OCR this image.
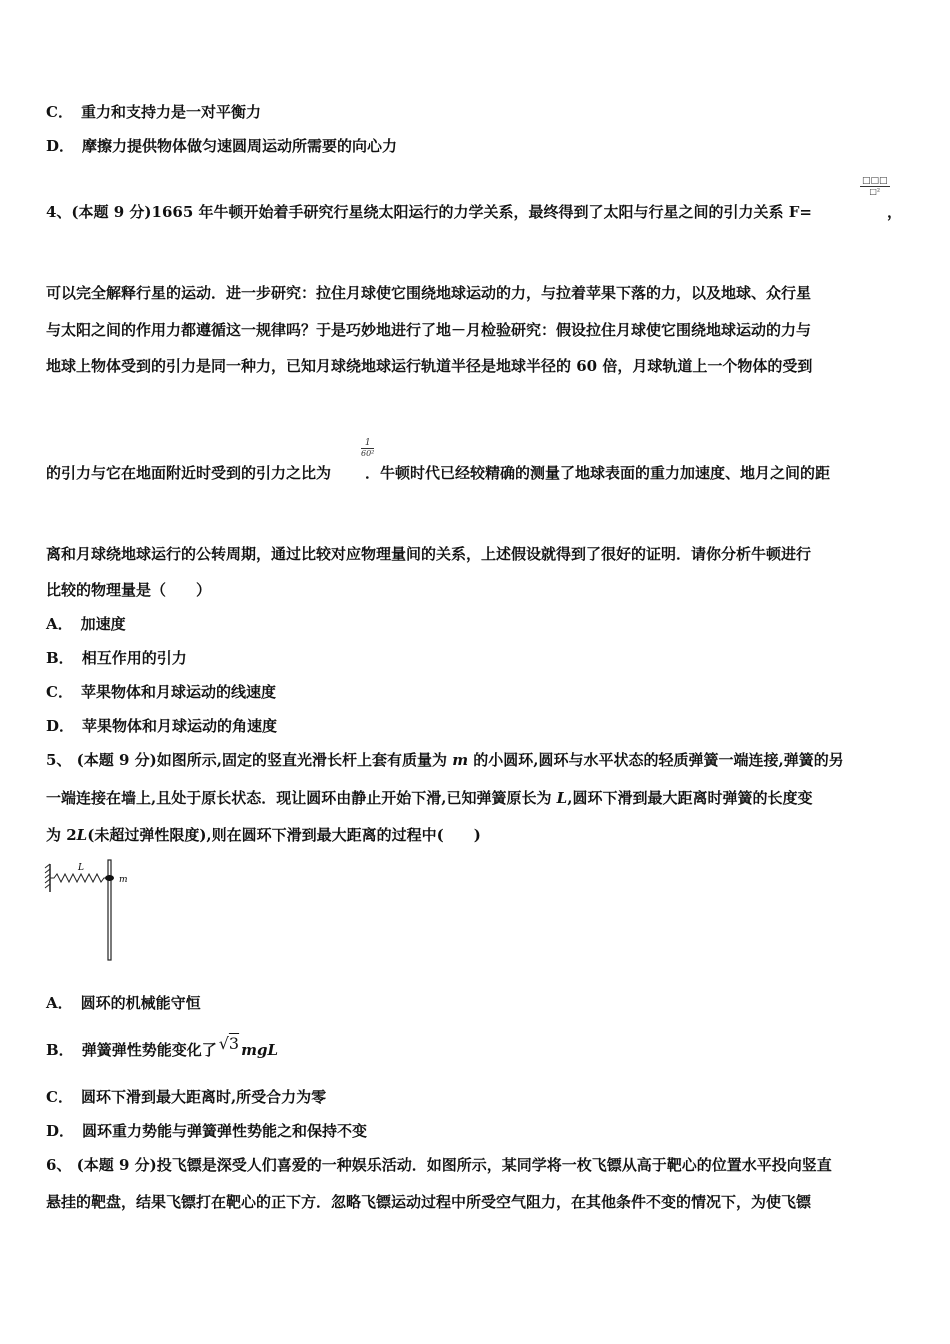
C． 重力和支持力是一对平衡力
D． 摩擦力提供物体做匀速圆周运动所需要的向心力
4、(本题 9 分)1665 年牛顿开始着手研究行星绕太阳运行的力学关系，最终得到了太阳与行星之间的引力关系 F=
□□□
□²
，
可以完全解释行星的运动．进一步研究：拉住月球使它围绕地球运动的力，与拉着苹果下落的力，以及地球、众行星
与太阳之间的作用力都遵循这一规律吗？于是巧妙地进行了地－月检验研究：假设拉住月球使它围绕地球运动的力与
地球上物体受到的引力是同一种力，已知月球绕地球运行轨道半径是地球半径的 60 倍，月球轨道上一个物体的受到
的引力与它在地面附近时受到的引力之比为 ．牛顿时代已经较精确的测量了地球表面的重力加速度、地月之间的距
$\frac{1}{\text{60²}}$
离和月球绕地球运行的公转周期，通过比较对应物理量间的关系，上述假设就得到了很好的证明．请你分析牛顿进行
比较的物理量是（　　）
A． 加速度
B． 相互作用的引力
C． 苹果物体和月球运动的线速度
D． 苹果物体和月球运动的角速度
5、 (本题 9 分)如图所示,固定的竖直光滑长杆上套有质量为 m 的小圆环,圆环与水平状态的轻质弹簧一端连接,弹簧的另
一端连接在墙上,且处于原长状态．现让圆环由静止开始下滑,已知弹簧原长为 L,圆环下滑到最大距离时弹簧的长度变
为 2L(未超过弹性限度),则在圆环下滑到最大距离的过程中(　　)
L
m
A． 圆环的机械能守恒
B． 弹簧弹性势能变化了 √3 mgL
C． 圆环下滑到最大距离时,所受合力为零
D． 圆环重力势能与弹簧弹性势能之和保持不变
6、 (本题 9 分)投飞镖是深受人们喜爱的一种娱乐活动．如图所示，某同学将一枚飞镖从高于靶心的位置水平投向竖直
悬挂的靶盘，结果飞镖打在靶心的正下方．忽略飞镖运动过程中所受空气阻力，在其他条件不变的情况下，为使飞镖
